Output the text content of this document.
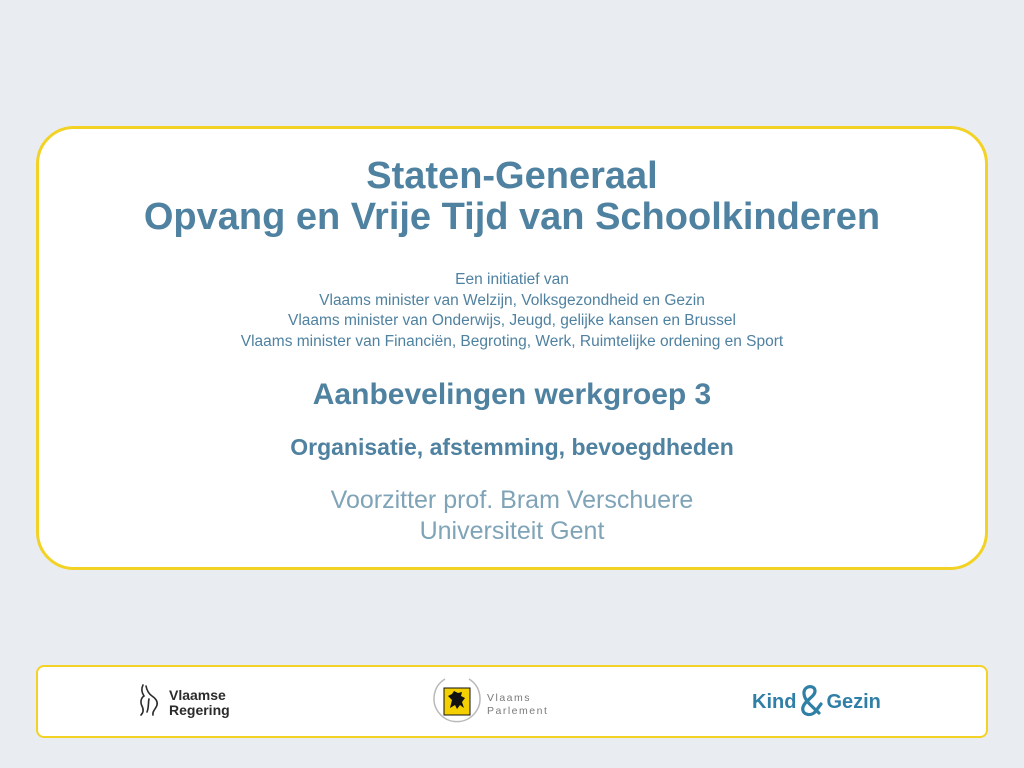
Staten-Generaal
Opvang en Vrije Tijd van Schoolkinderen
Een initiatief van
Vlaams minister van Welzijn, Volksgezondheid en Gezin
Vlaams minister van Onderwijs, Jeugd, gelijke kansen en Brussel
Vlaams minister van Financiën, Begroting, Werk, Ruimtelijke ordening en Sport
Aanbevelingen werkgroep 3
Organisatie, afstemming, bevoegdheden
Voorzitter prof. Bram Verschuere
Universiteit Gent
Vlaamse
Regering
Vlaams
Parlement	Kind Gezin
